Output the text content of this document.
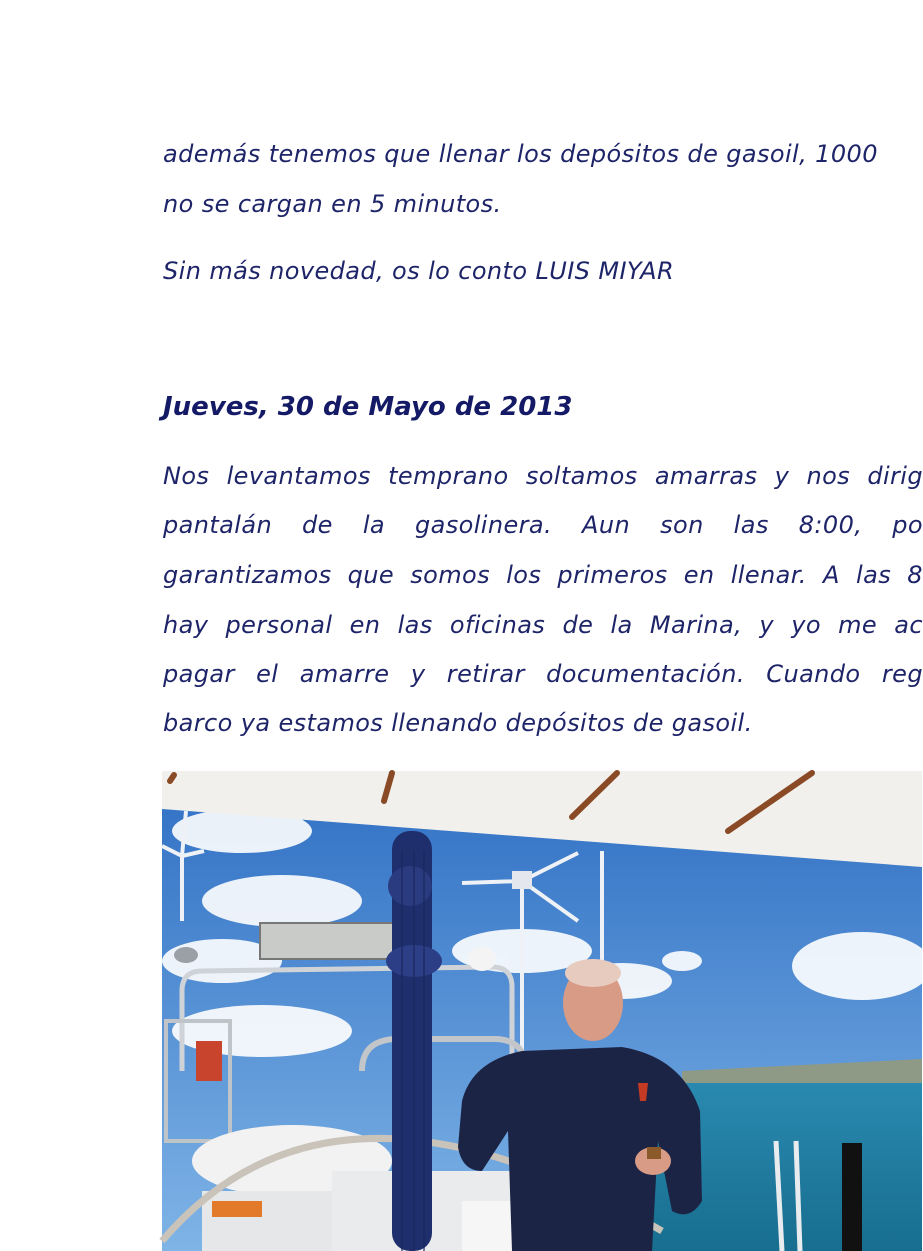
además tenemos que llenar los depósitos de gasoil, 1000
no se cargan en 5 minutos.
Sin más novedad, os lo conto LUIS MIYAR
Jueves, 30 de Mayo de 2013
Nos levantamos temprano soltamos amarras y nos dirig
pantalán de la gasolinera. Aun son las 8:00, po
garantizamos que somos los primeros en llenar. A las 8
hay personal en las oficinas de la Marina, y yo me ac
pagar el amarre y retirar documentación. Cuando reg
barco ya estamos llenando depósitos de gasoil.
